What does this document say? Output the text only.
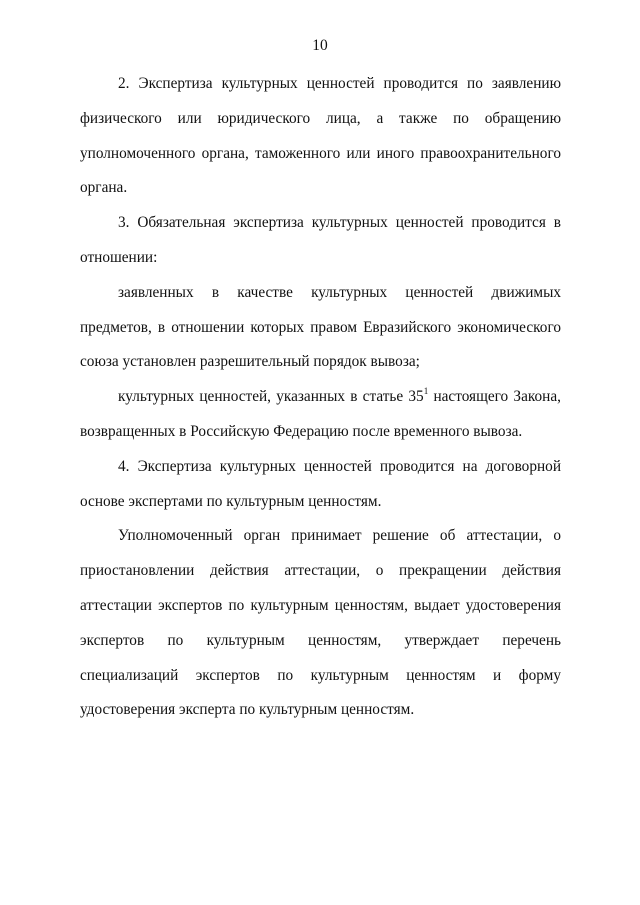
10

2. Экспертиза культурных ценностей проводится по заявлению физического или юридического лица, а также по обращению уполномоченного органа, таможенного или иного правоохранительного органа.

3. Обязательная экспертиза культурных ценностей проводится в отношении:

заявленных в качестве культурных ценностей движимых предметов, в отношении которых правом Евразийского экономического союза установлен разрешительный порядок вывоза;

культурных ценностей, указанных в статье $35^1$ настоящего Закона, возвращенных в Российскую Федерацию после временного вывоза.

4. Экспертиза культурных ценностей проводится на договорной основе экспертами по культурным ценностям.

Уполномоченный орган принимает решение об аттестации, о приостановлении действия аттестации, о прекращении действия аттестации экспертов по культурным ценностям, выдает удостоверения экспертов по культурным ценностям, утверждает перечень специализаций экспертов по культурным ценностям и форму удостоверения эксперта по культурным ценностям.
